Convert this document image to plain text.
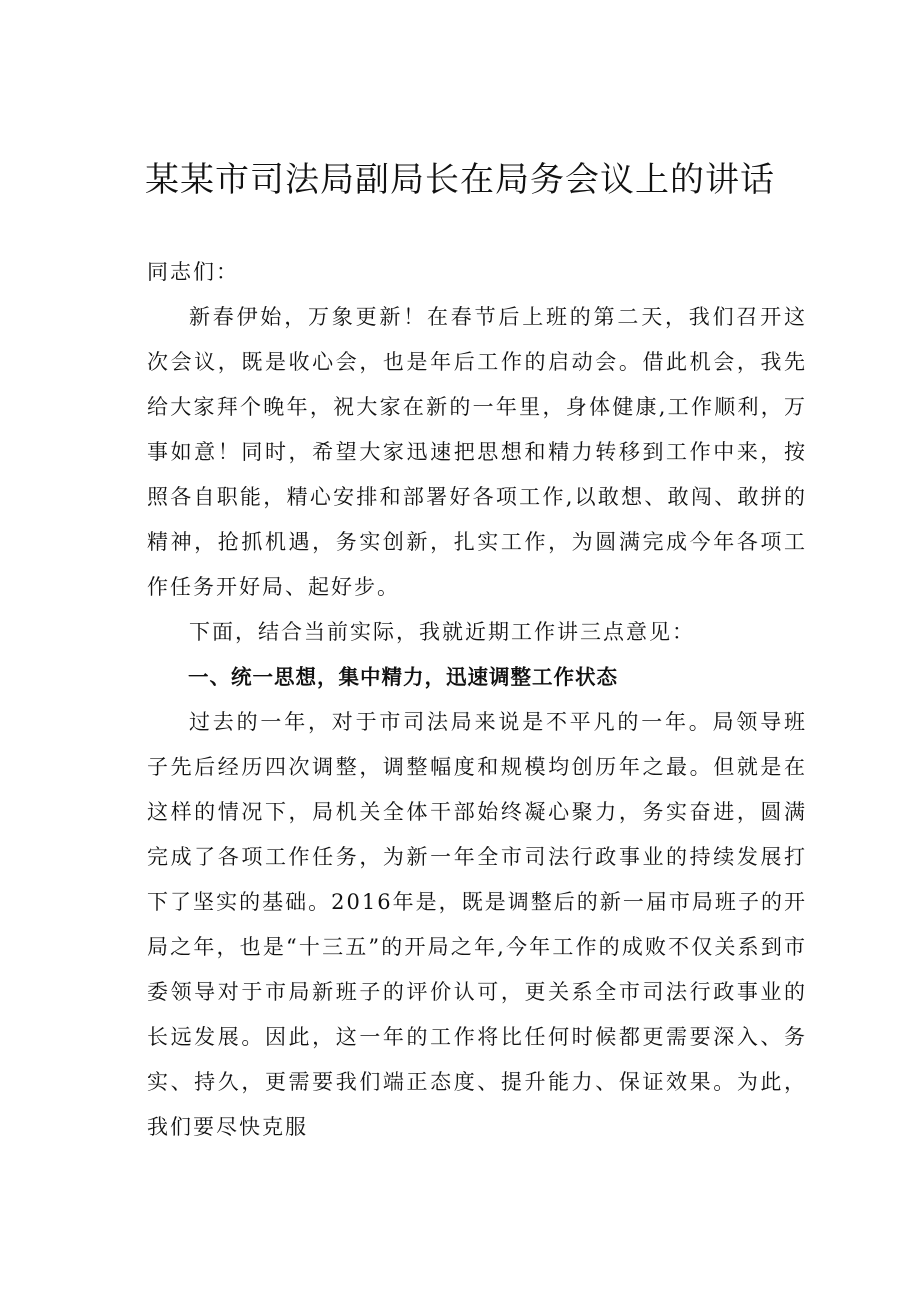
某某市司法局副局长在局务会议上的讲话

同志们：

新春伊始，万象更新！在春节后上班的第二天，我们召开这次会议，既是收心会，也是年后工作的启动会。借此机会，我先给大家拜个晚年，祝大家在新的一年里，身体健康,工作顺利，万事如意！同时，希望大家迅速把思想和精力转移到工作中来，按照各自职能，精心安排和部署好各项工作,以敢想、敢闯、敢拼的精神，抢抓机遇，务实创新，扎实工作，为圆满完成今年各项工作任务开好局、起好步。

下面，结合当前实际，我就近期工作讲三点意见：

一、统一思想，集中精力，迅速调整工作状态

过去的一年，对于市司法局来说是不平凡的一年。局领导班子先后经历四次调整，调整幅度和规模均创历年之最。但就是在这样的情况下，局机关全体干部始终凝心聚力，务实奋进，圆满完成了各项工作任务，为新一年全市司法行政事业的持续发展打下了坚实的基础。2016年是，既是调整后的新一届市局班子的开局之年，也是“十三五”的开局之年,今年工作的成败不仅关系到市委领导对于市局新班子的评价认可，更关系全市司法行政事业的长远发展。因此，这一年的工作将比任何时候都更需要深入、务实、持久，更需要我们端正态度、提升能力、保证效果。为此，我们要尽快克服
